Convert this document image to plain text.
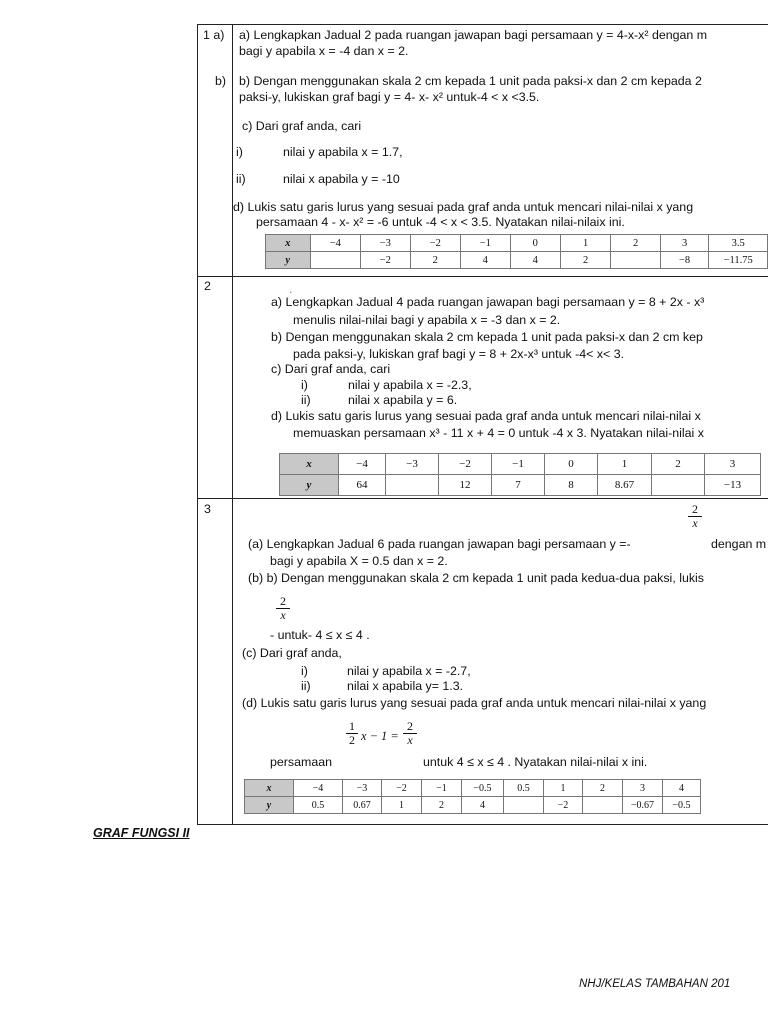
1 a) a) Lengkapkan Jadual 2 pada ruangan jawapan bagi persamaan y = 4-x-x² dengan m
bagi y apabila x = -4 dan x = 2.
b) b) Dengan menggunakan skala 2 cm kepada 1 unit pada paksi-x dan 2 cm kepada 2
paksi-y, lukiskan graf bagi y = 4- x- x² untuk-4 < x <3.5.
c) Dari graf anda, cari
i)	nilai y apabila x = 1.7,
ii)	nilai x apabila y = -10
d) Lukis satu garis lurus yang sesuai pada graf anda untuk mencari nilai-nilai x yang
persamaan 4 - x- x² = -6 untuk -4 < x < 3.5. Nyatakan nilai-nilaix ini.
x	−4	−3	−2	−1	0	1	2	3	3.5
y		−2	2	4	4	2		−8	−11.75
2	.
a) Lengkapkan Jadual 4 pada ruangan jawapan bagi persamaan y = 8 + 2x - x³
menulis nilai-nilai bagi y apabila x = -3 dan x = 2.
b) Dengan menggunakan skala 2 cm kepada 1 unit pada paksi-x dan 2 cm kep
pada paksi-y, lukiskan graf bagi y = 8 + 2x-x³ untuk -4< x< 3.
c) Dari graf anda, cari
i)	nilai y apabila x = -2.3,
ii)	nilai x apabila y = 6.
d) Lukis satu garis lurus yang sesuai pada graf anda untuk mencari nilai-nilai x
memuaskan persamaan x³ - 11 x + 4 = 0 untuk -4 x 3. Nyatakan nilai-nilai x
x	−4	−3	−2	−1	0	1	2	3
y	64		12	7	8	8.67		−13
3	2
x
(a) Lengkapkan Jadual 6 pada ruangan jawapan bagi persamaan y =-	dengan m
bagi y apabila X = 0.5 dan x = 2.
(b) b) Dengan menggunakan skala 2 cm kepada 1 unit pada kedua-dua paksi, lukis
2
x
- untuk- 4 ≤ x ≤ 4 .
(c) Dari graf anda,
i)	nilai y apabila x = -2.7,
ii)	nilai x apabila y= 1.3.
(d) Lukis satu garis lurus yang sesuai pada graf anda untuk mencari nilai-nilai x yang
1
2 x − 1 =
2
x
persamaan	untuk 4 ≤ x ≤ 4 . Nyatakan nilai-nilai x ini.
x	−4	−3	−2	−1	−0.5	0.5	1	2	3	4
y	0.5	0.67	1	2	4		−2		−0.67	−0.5
GRAF FUNGSI II
NHJ/KELAS TAMBAHAN 201
